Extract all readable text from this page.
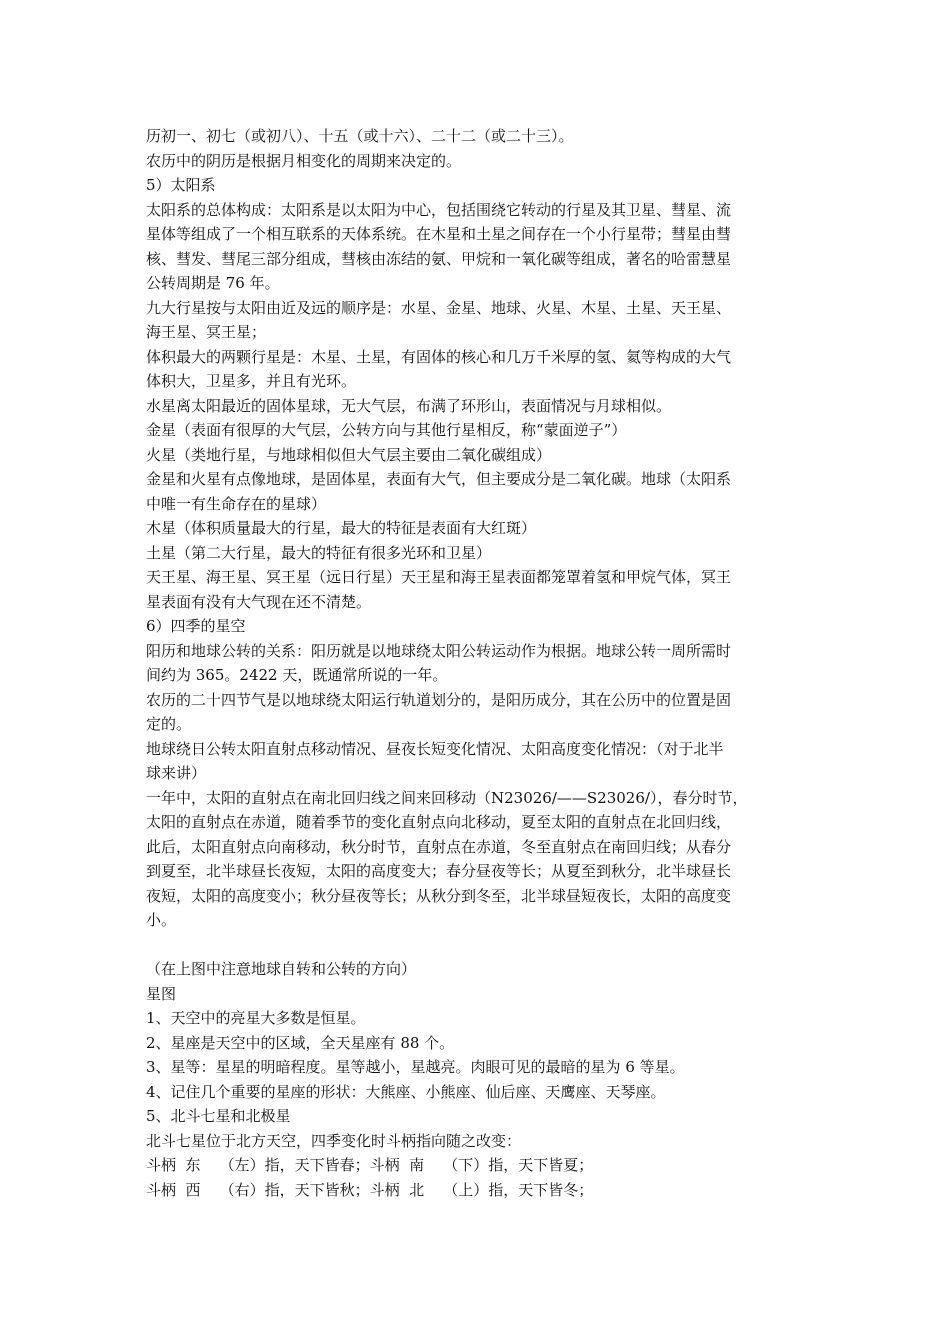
历初一、初七（或初八）、十五（或十六）、二十二（或二十三）。

农历中的阴历是根据月相变化的周期来决定的。

5）太阳系

太阳系的总体构成：太阳系是以太阳为中心，包括围绕它转动的行星及其卫星、彗星、流

星体等组成了一个相互联系的天体系统。在木星和土星之间存在一个小行星带；彗星由彗

核、彗发、彗尾三部分组成，彗核由冻结的氨、甲烷和一氧化碳等组成，著名的哈雷慧星

公转周期是 76 年。

九大行星按与太阳由近及远的顺序是：水星、金星、地球、火星、木星、土星、天王星、

海王星、冥王星；

体积最大的两颗行星是：木星、土星，有固体的核心和几万千米厚的氢、氦等构成的大气

体积大，卫星多，并且有光环。

水星离太阳最近的固体星球，无大气层，布满了环形山，表面情况与月球相似。

金星（表面有很厚的大气层，公转方向与其他行星相反，称“蒙面逆子”）

火星（类地行星，与地球相似但大气层主要由二氧化碳组成）

金星和火星有点像地球，是固体星，表面有大气，但主要成分是二氧化碳。地球（太阳系

中唯一有生命存在的星球）

木星（体积质量最大的行星，最大的特征是表面有大红斑）

土星（第二大行星，最大的特征有很多光环和卫星）

天王星、海王星、冥王星（远日行星）天王星和海王星表面都笼罩着氢和甲烷气体，冥王

星表面有没有大气现在还不清楚。

6）四季的星空

阳历和地球公转的关系：阳历就是以地球绕太阳公转运动作为根据。地球公转一周所需时

间约为 365。2422 天，既通常所说的一年。

农历的二十四节气是以地球绕太阳运行轨道划分的，是阳历成分，其在公历中的位置是固

定的。

地球绕日公转太阳直射点移动情况、昼夜长短变化情况、太阳高度变化情况：（对于北半

球来讲）

一年中，太阳的直射点在南北回归线之间来回移动（N23026/——S23026/），春分时节，

太阳的直射点在赤道，随着季节的变化直射点向北移动，夏至太阳的直射点在北回归线，

此后，太阳直射点向南移动，秋分时节，直射点在赤道，冬至直射点在南回归线；从春分

到夏至，北半球昼长夜短，太阳的高度变大；春分昼夜等长；从夏至到秋分，北半球昼长

夜短，太阳的高度变小；秋分昼夜等长；从秋分到冬至，北半球昼短夜长，太阳的高度变

小。

（在上图中注意地球自转和公转的方向）

星图

1、天空中的亮星大多数是恒星。

2、星座是天空中的区域，全天星座有 88 个。

3、星等：星星的明暗程度。星等越小，星越亮。肉眼可见的最暗的星为 6 等星。

4、记住几个重要的星座的形状：大熊座、小熊座、仙后座、天鹰座、天琴座。

5、北斗七星和北极星

北斗七星位于北方天空，四季变化时斗柄指向随之改变：

斗柄  东    （左）指，天下皆春；斗柄  南    （下）指，天下皆夏；

斗柄  西    （右）指，天下皆秋；斗柄  北    （上）指，天下皆冬；
